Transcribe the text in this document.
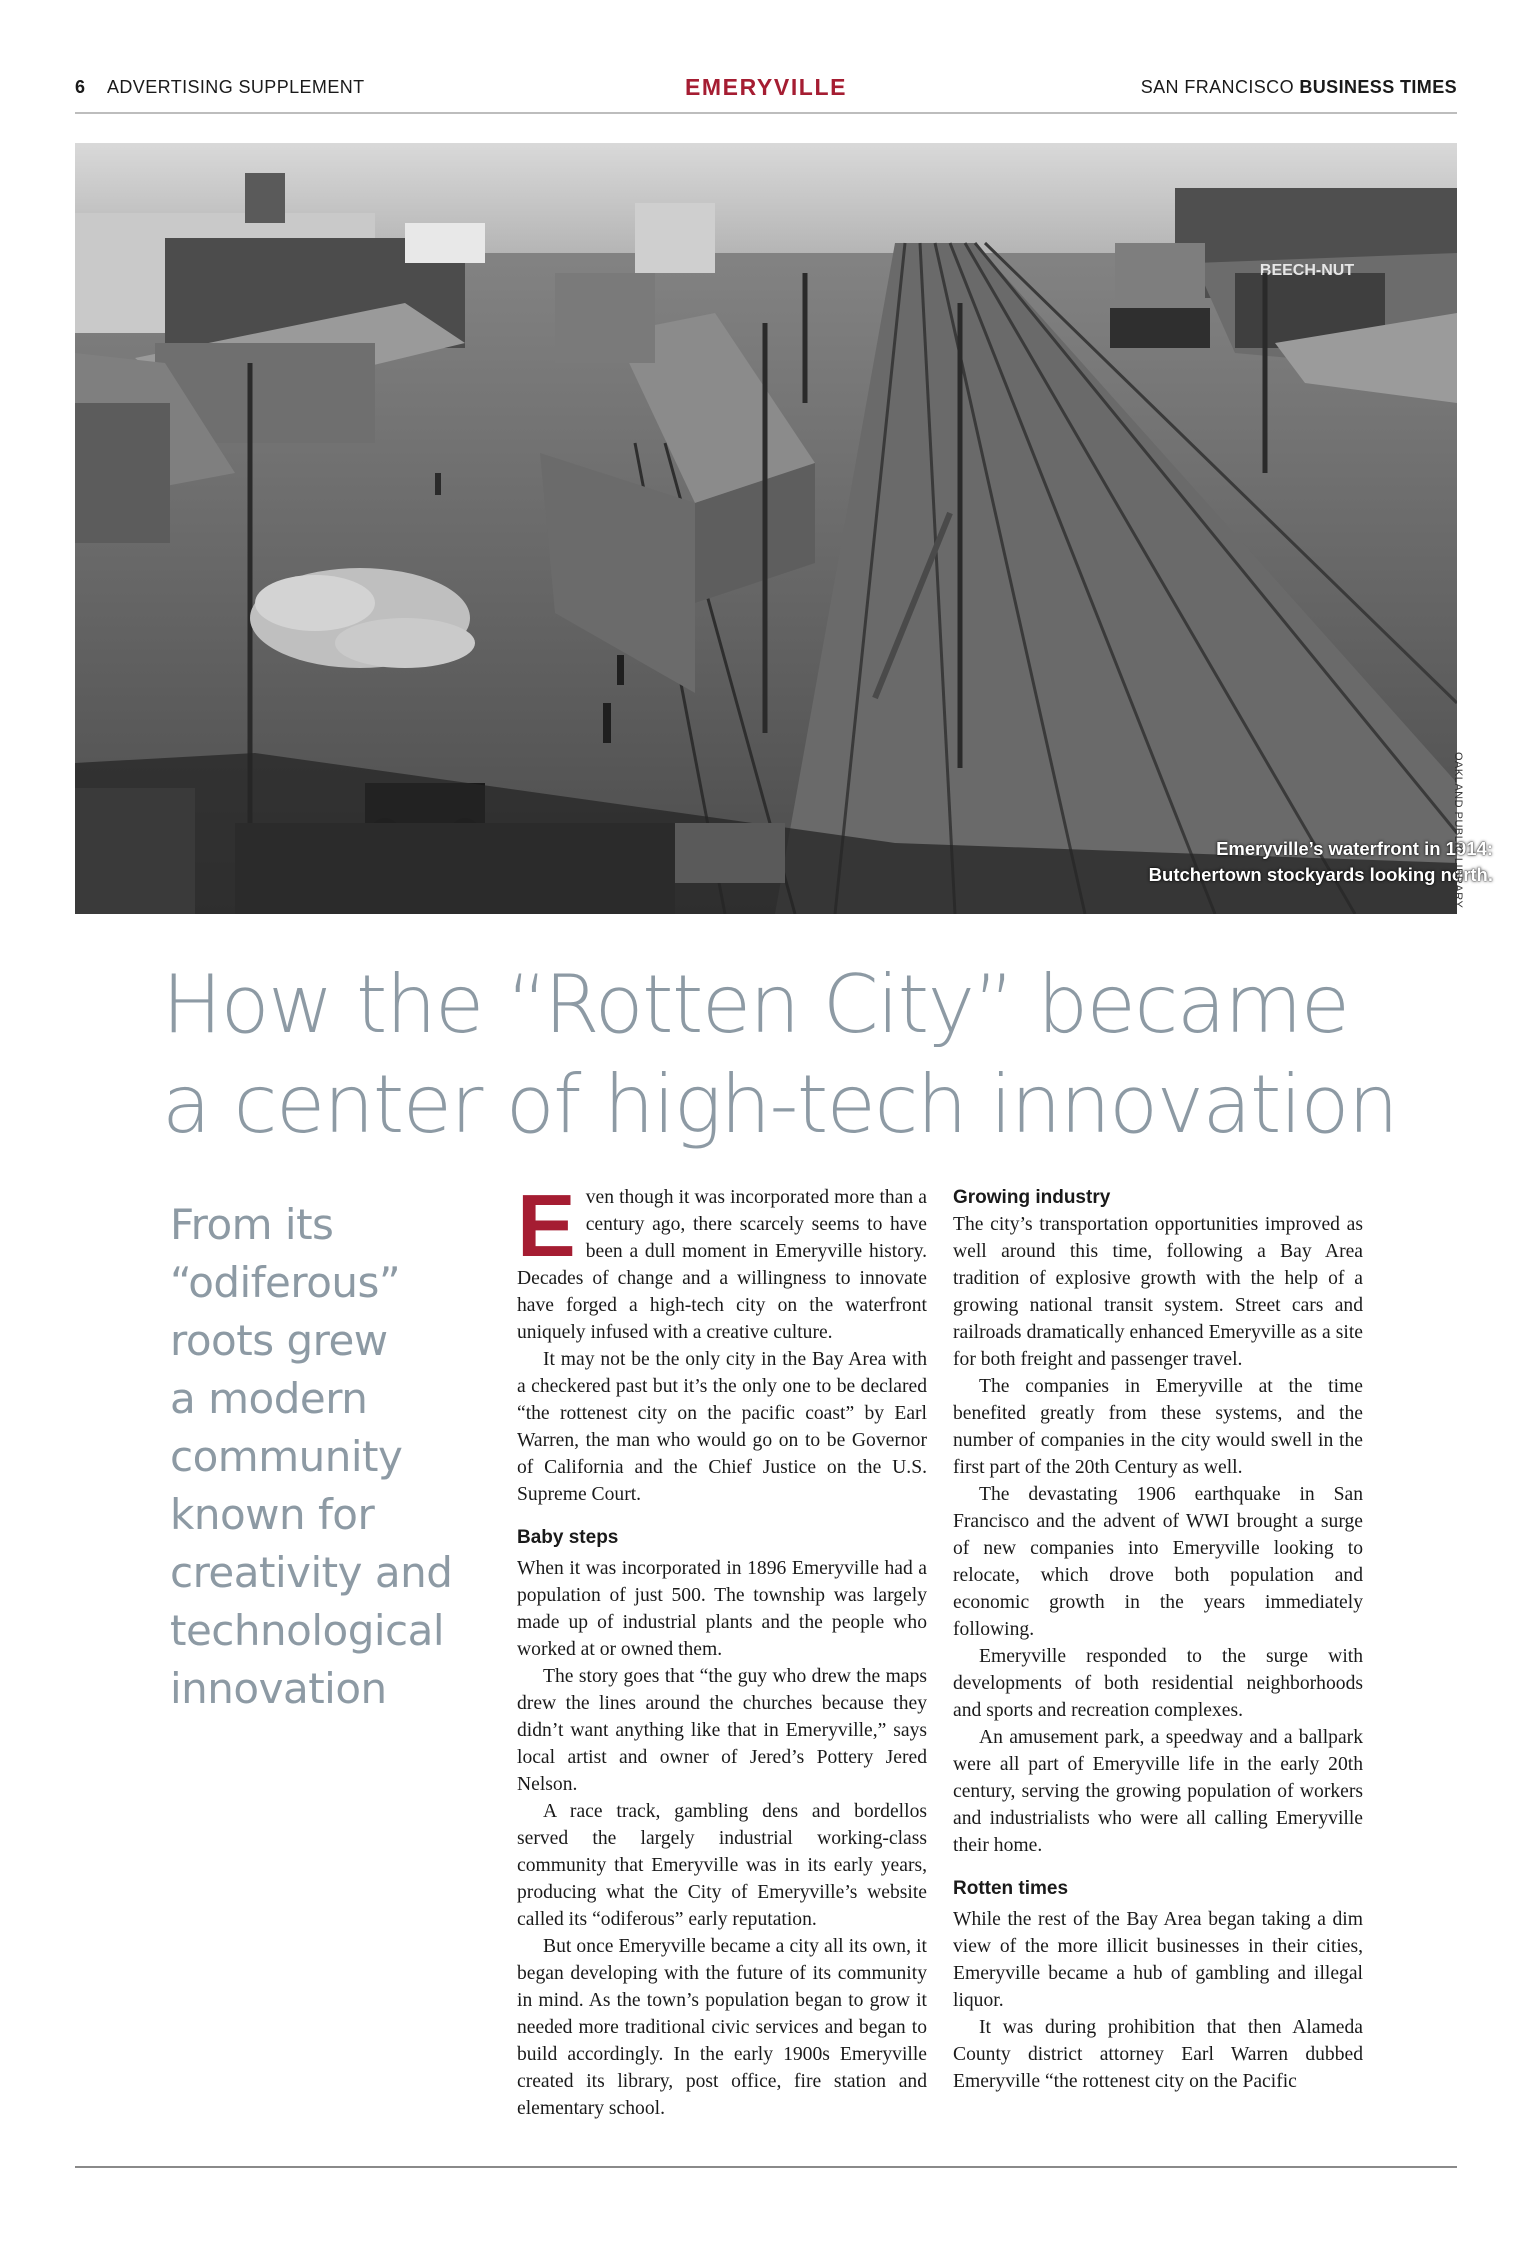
6 ADVERTISING SUPPLEMENT	EMERYVILLE	SAN FRANCISCO BUSINESS TIMES
BEECH-NUT
Emeryville’s waterfront in 1914:
Butchertown stockyards looking north.
OAKLAND PUBLIC LIBRARY
How the “Rotten City” became
a center of high-tech innovation
From its
“odiferous”
roots grew
a modern
community
known for
creativity and
technological
innovation

Even though it was incorporated more than a century ago, there scarcely seems to have been a dull moment in Emeryville history. Decades of change and a willingness to innovate have forged a high-tech city on the waterfront uniquely infused with a creative culture.

It may not be the only city in the Bay Area with a checkered past but it’s the only one to be declared “the rottenest city on the pacific coast” by Earl Warren, the man who would go on to be Governor of California and the Chief Justice on the U.S. Supreme Court.

Baby steps

When it was incorporated in 1896 Emeryville had a population of just 500. The township was largely made up of industrial plants and the people who worked at or owned them.

The story goes that “the guy who drew the maps drew the lines around the churches because they didn’t want anything like that in Emeryville,” says local artist and owner of Jered’s Pottery Jered Nelson.

A race track, gambling dens and bordellos served the largely industrial working-class community that Emeryville was in its early years, producing what the City of Emeryville’s website called its “odiferous” early reputation.

But once Emeryville became a city all its own, it began developing with the future of its community in mind. As the town’s population began to grow it needed more traditional civic services and began to build accordingly. In the early 1900s Emeryville created its library, post office, fire station and elementary school.

Growing industry

The city’s transportation opportunities improved as well around this time, following a Bay Area tradition of explosive growth with the help of a growing national transit system. Street cars and railroads dramatically enhanced Emeryville as a site for both freight and passenger travel.

The companies in Emeryville at the time benefited greatly from these systems, and the number of companies in the city would swell in the first part of the 20th Century as well.

The devastating 1906 earthquake in San Francisco and the advent of WWI brought a surge of new companies into Emeryville looking to relocate, which drove both population and economic growth in the years immediately following.

Emeryville responded to the surge with developments of both residential neighborhoods and sports and recreation complexes.

An amusement park, a speedway and a ballpark were all part of Emeryville life in the early 20th century, serving the growing population of workers and industrialists who were all calling Emeryville their home.

Rotten times

While the rest of the Bay Area began taking a dim view of the more illicit businesses in their cities, Emeryville became a hub of gambling and illegal liquor.

It was during prohibition that then Alameda County district attorney Earl Warren dubbed Emeryville “the rottenest city on the Pacific
